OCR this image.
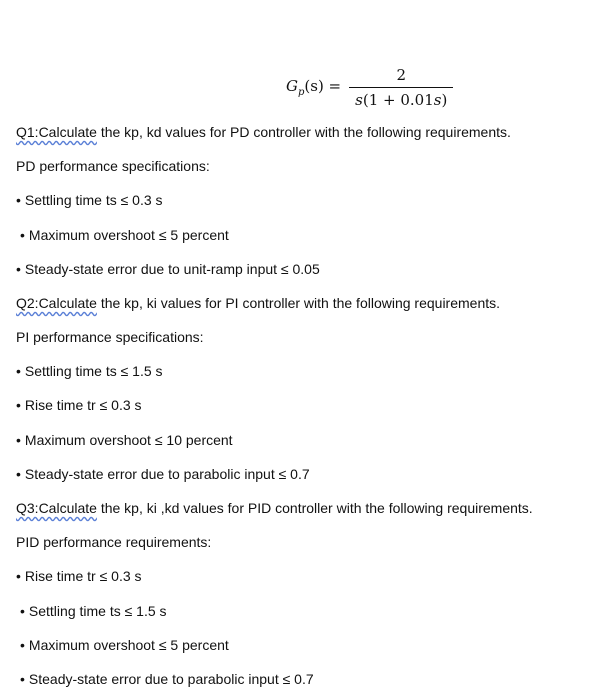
$G_p(s) = \frac{2}{s(1 + 0.01s)}$
Q1:Calculate the kp, kd values for PD controller with the following requirements.
PD performance specifications:
• Settling time ts ≤ 0.3 s
• Maximum overshoot ≤ 5 percent
• Steady-state error due to unit-ramp input ≤ 0.05
Q2:Calculate the kp, ki values for PI controller with the following requirements.
PI performance specifications:
• Settling time ts ≤ 1.5 s
• Rise time tr ≤ 0.3 s
• Maximum overshoot ≤ 10 percent
• Steady-state error due to parabolic input ≤ 0.7
Q3:Calculate the kp, ki ,kd values for PID controller with the following requirements.
PID performance requirements:
• Rise time tr ≤ 0.3 s
• Settling time ts ≤ 1.5 s
• Maximum overshoot ≤ 5 percent
• Steady-state error due to parabolic input ≤ 0.7
